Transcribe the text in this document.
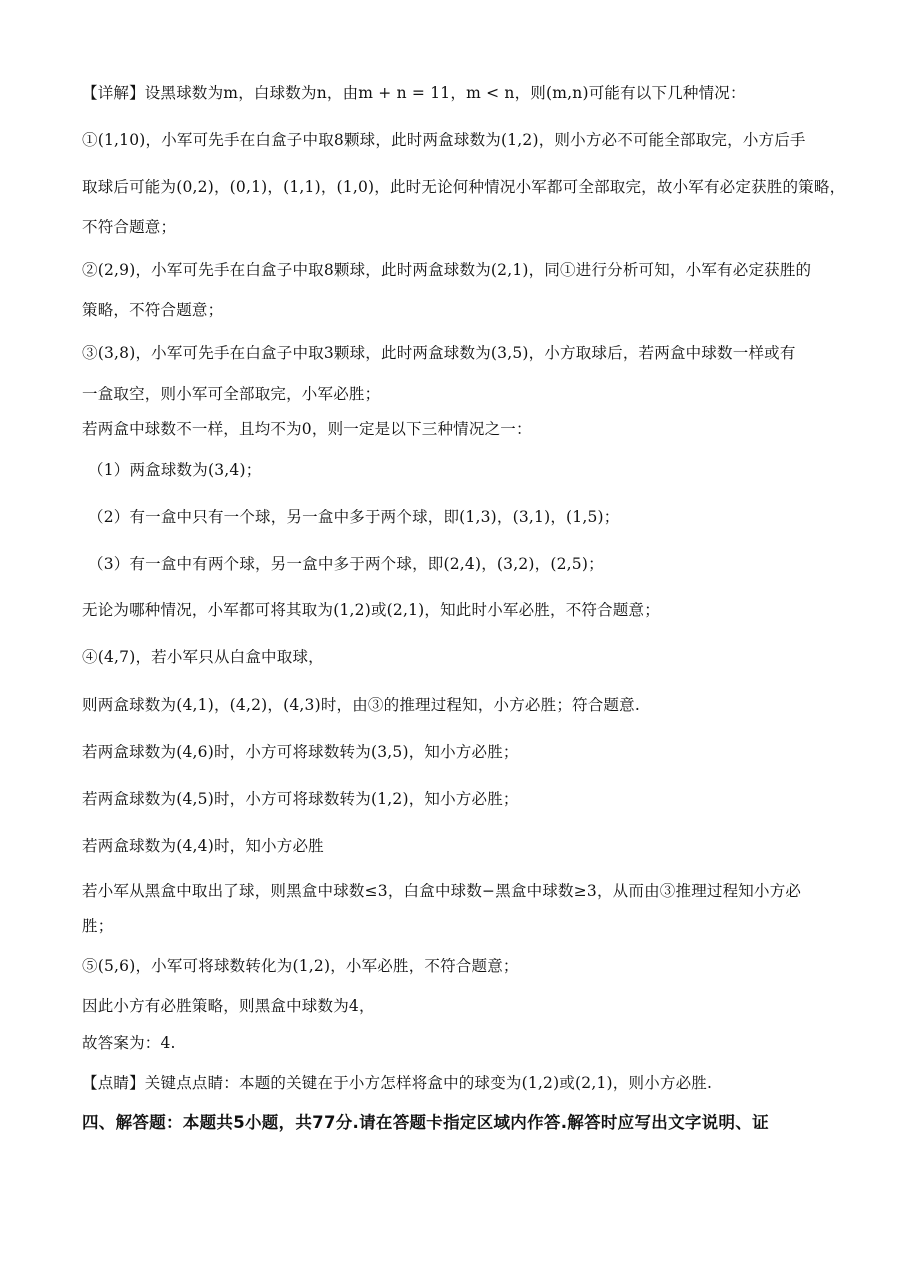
【详解】设黑球数为m，白球数为n，由m + n = 11，m < n，则(m,n)可能有以下几种情况：
①(1,10)，小军可先手在白盒子中取8颗球，此时两盒球数为(1,2)，则小方必不可能全部取完，小方后手
取球后可能为(0,2)，(0,1)，(1,1)，(1,0)，此时无论何种情况小军都可全部取完，故小军有必定获胜的策略，
不符合题意；
②(2,9)，小军可先手在白盒子中取8颗球，此时两盒球数为(2,1)，同①进行分析可知，小军有必定获胜的
策略，不符合题意；
③(3,8)，小军可先手在白盒子中取3颗球，此时两盒球数为(3,5)，小方取球后，若两盒中球数一样或有
一盒取空，则小军可全部取完，小军必胜；
若两盒中球数不一样，且均不为0，则一定是以下三种情况之一：
（1）两盒球数为(3,4)；
（2）有一盒中只有一个球，另一盒中多于两个球，即(1,3)，(3,1)，(1,5)；
（3）有一盒中有两个球，另一盒中多于两个球，即(2,4)，(3,2)，(2,5)；
无论为哪种情况，小军都可将其取为(1,2)或(2,1)，知此时小军必胜，不符合题意；
④(4,7)，若小军只从白盒中取球，
则两盒球数为(4,1)，(4,2)，(4,3)时，由③的推理过程知，小方必胜；符合题意.
若两盒球数为(4,6)时，小方可将球数转为(3,5)，知小方必胜；
若两盒球数为(4,5)时，小方可将球数转为(1,2)，知小方必胜；
若两盒球数为(4,4)时，知小方必胜
若小军从黑盒中取出了球，则黑盒中球数≤3，白盒中球数−黑盒中球数≥3，从而由③推理过程知小方必
胜；
⑤(5,6)，小军可将球数转化为(1,2)，小军必胜，不符合题意；
因此小方有必胜策略，则黑盒中球数为4，
故答案为：4.
【点睛】关键点点睛：本题的关键在于小方怎样将盒中的球变为(1,2)或(2,1)，则小方必胜.
四、解答题：本题共5小题，共77分.请在答题卡指定区域内作答.解答时应写出文字说明、证
